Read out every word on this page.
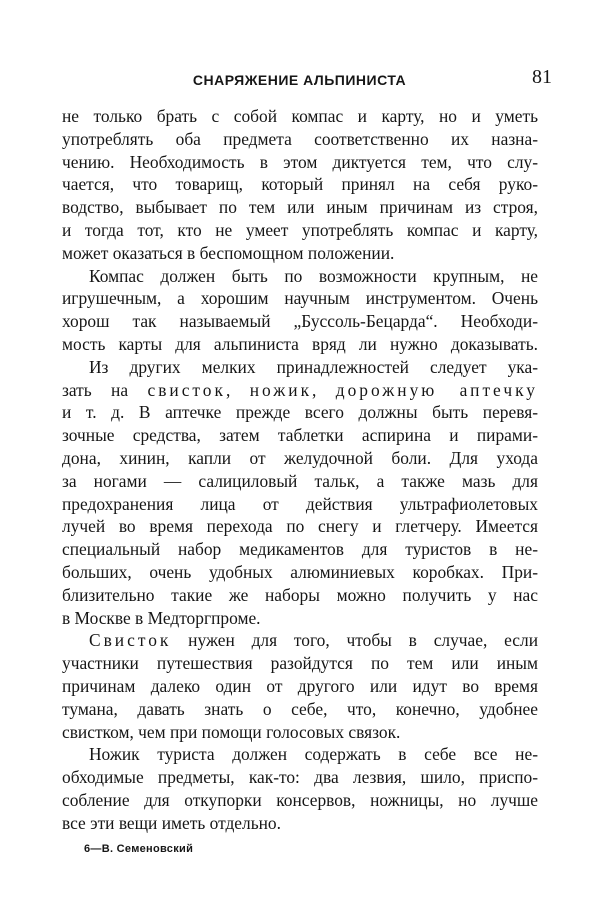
СНАРЯЖЕНИЕ АЛЬПИНИСТА	81
не только брать с собой компас и карту, но и уметь
употреблять оба предмета соответственно их назна-
чению. Необходимость в этом диктуется тем, что слу-
чается, что товарищ, который принял на себя руко-
водство, выбывает по тем или иным причинам из строя,
и тогда тот, кто не умеет употреблять компас и карту,
может оказаться в беспомощном положении.
Компас должен быть по возможности крупным, не
игрушечным, а хорошим научным инструментом. Очень
хорош так называемый „Буссоль-Бецарда“. Необходи-
мость карты для альпиниста вряд ли нужно доказывать.
Из других мелких принадлежностей следует ука-
зать на свисток, ножик, дорожную аптечку
и т. д. В аптечке прежде всего должны быть перевя-
зочные средства, затем таблетки аспирина и пирами-
дона, хинин, капли от желудочной боли. Для ухода
за ногами — салициловый тальк, а также мазь для
предохранения лица от действия ультрафиолетовых
лучей во время перехода по снегу и глетчеру. Имеется
специальный набор медикаментов для туристов в не-
больших, очень удобных алюминиевых коробках. При-
близительно такие же наборы можно получить у нас
в Москве в Медторгпроме.
Свисток нужен для того, чтобы в случае, если
участники путешествия разойдутся по тем или иным
причинам далеко один от другого или идут во время
тумана, давать знать о себе, что, конечно, удобнее
свистком, чем при помощи голосовых связок.
Ножик туриста должен содержать в себе все не-
обходимые предметы, как-то: два лезвия, шило, приспо-
собление для откупорки консервов, ножницы, но лучше
все эти вещи иметь отдельно.
6—В. Семеновский
